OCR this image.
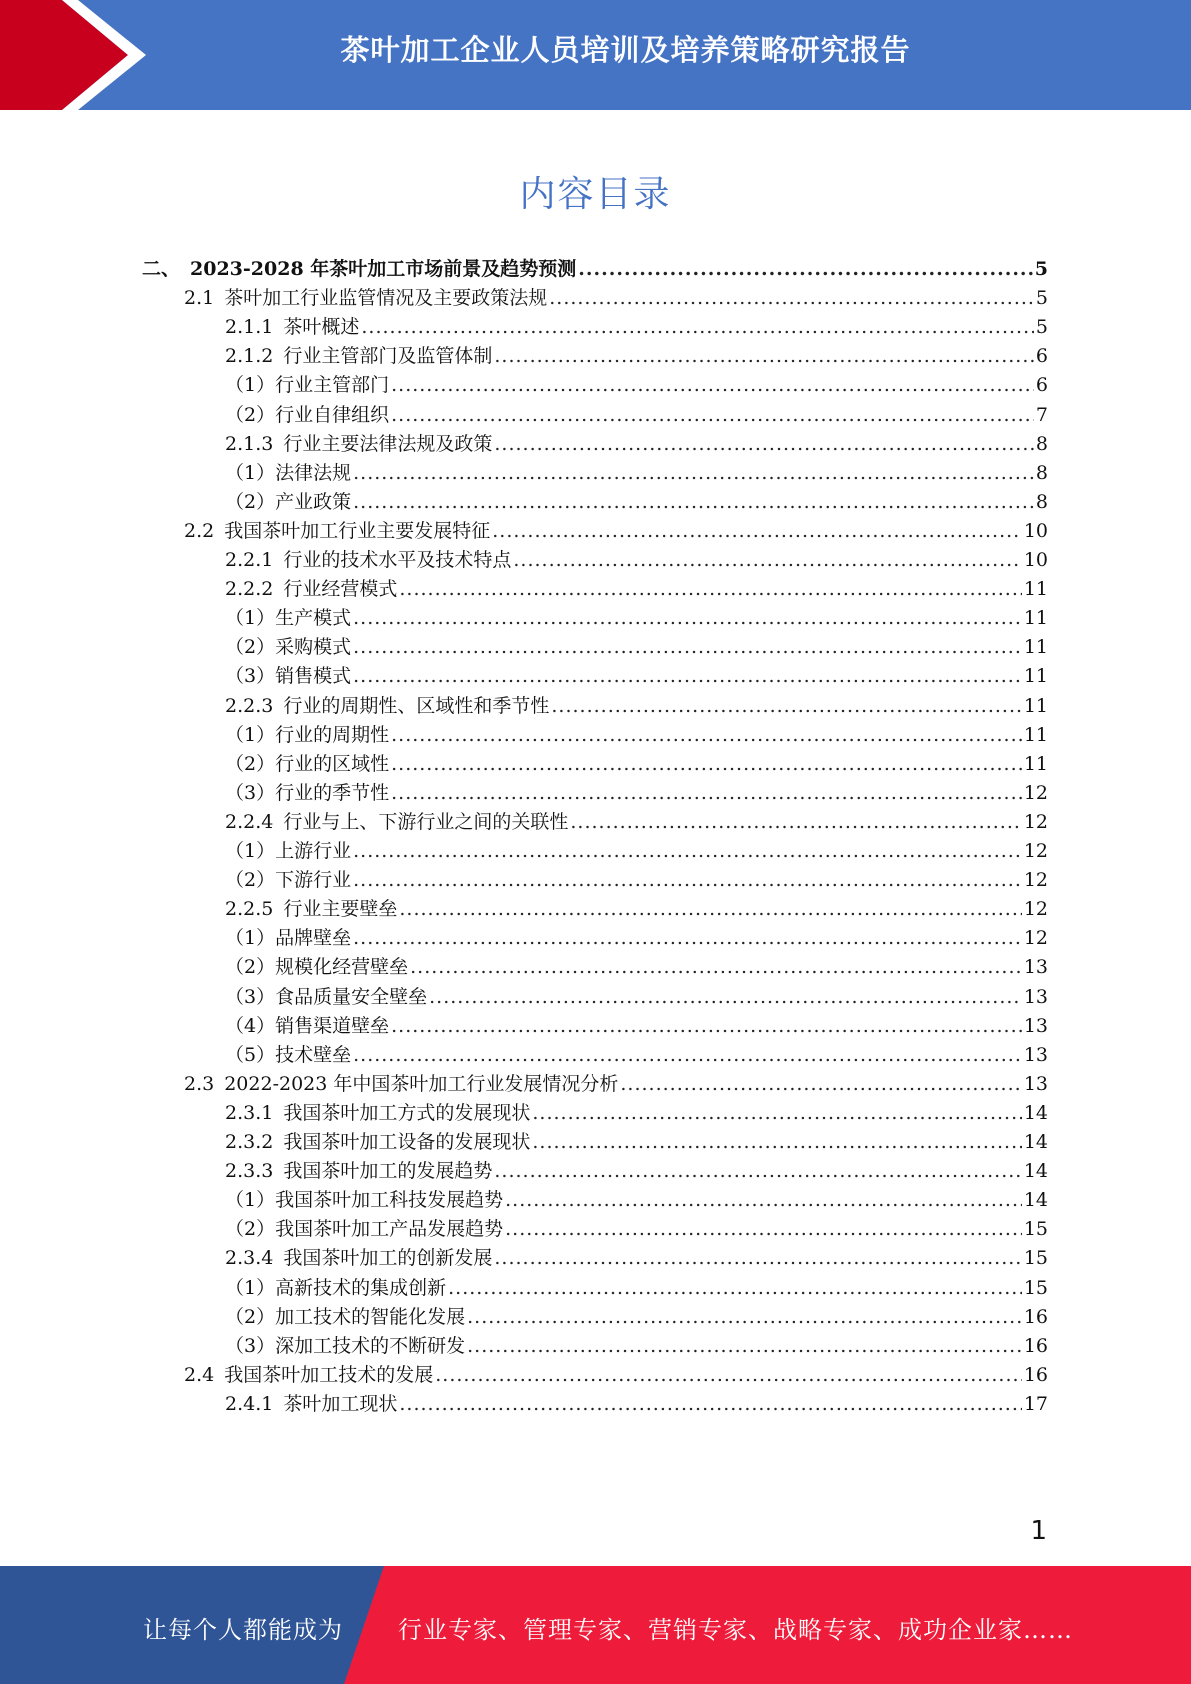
茶叶加工企业人员培训及培养策略研究报告
内容目录
二、 2023-2028 年茶叶加工市场前景及趋势预测 .....	5
2.1 茶叶加工行业监管情况及主要政策法规 .....	5
2.1.1 茶叶概述 .....	5
2.1.2 行业主管部门及监管体制 .....	6
（1） 行业主管部门 .....	6
（2） 行业自律组织 .....	7
2.1.3 行业主要法律法规及政策 .....	8
（1） 法律法规 .....	8
（2） 产业政策 .....	8
2.2 我国茶叶加工行业主要发展特征 .....	10
2.2.1 行业的技术水平及技术特点 .....	10
2.2.2 行业经营模式 .....	11
（1） 生产模式 .....	11
（2） 采购模式 .....	11
（3） 销售模式 .....	11
2.2.3 行业的周期性、区域性和季节性 .....	11
（1） 行业的周期性 .....	11
（2） 行业的区域性 .....	11
（3） 行业的季节性 .....	12
2.2.4 行业与上、下游行业之间的关联性 .....	12
（1） 上游行业 .....	12
（2） 下游行业 .....	12
2.2.5 行业主要壁垒 .....	12
（1） 品牌壁垒 .....	12
（2） 规模化经营壁垒 .....	13
（3） 食品质量安全壁垒 .....	13
（4） 销售渠道壁垒 .....	13
（5） 技术壁垒 .....	13
2.3 2022-2023 年中国茶叶加工行业发展情况分析 .....	13
2.3.1 我国茶叶加工方式的发展现状 .....	14
2.3.2 我国茶叶加工设备的发展现状 .....	14
2.3.3 我国茶叶加工的发展趋势 .....	14
（1） 我国茶叶加工科技发展趋势 .....	14
（2） 我国茶叶加工产品发展趋势 .....	15
2.3.4 我国茶叶加工的创新发展 .....	15
（1） 高新技术的集成创新 .....	15
（2） 加工技术的智能化发展 .....	16
（3） 深加工技术的不断研发 .....	16
2.4 我国茶叶加工技术的发展 .....	16
2.4.1 茶叶加工现状 .....	17
1
让每个人都能成为 行业专家、管理专家、营销专家、战略专家、成功企业家……
